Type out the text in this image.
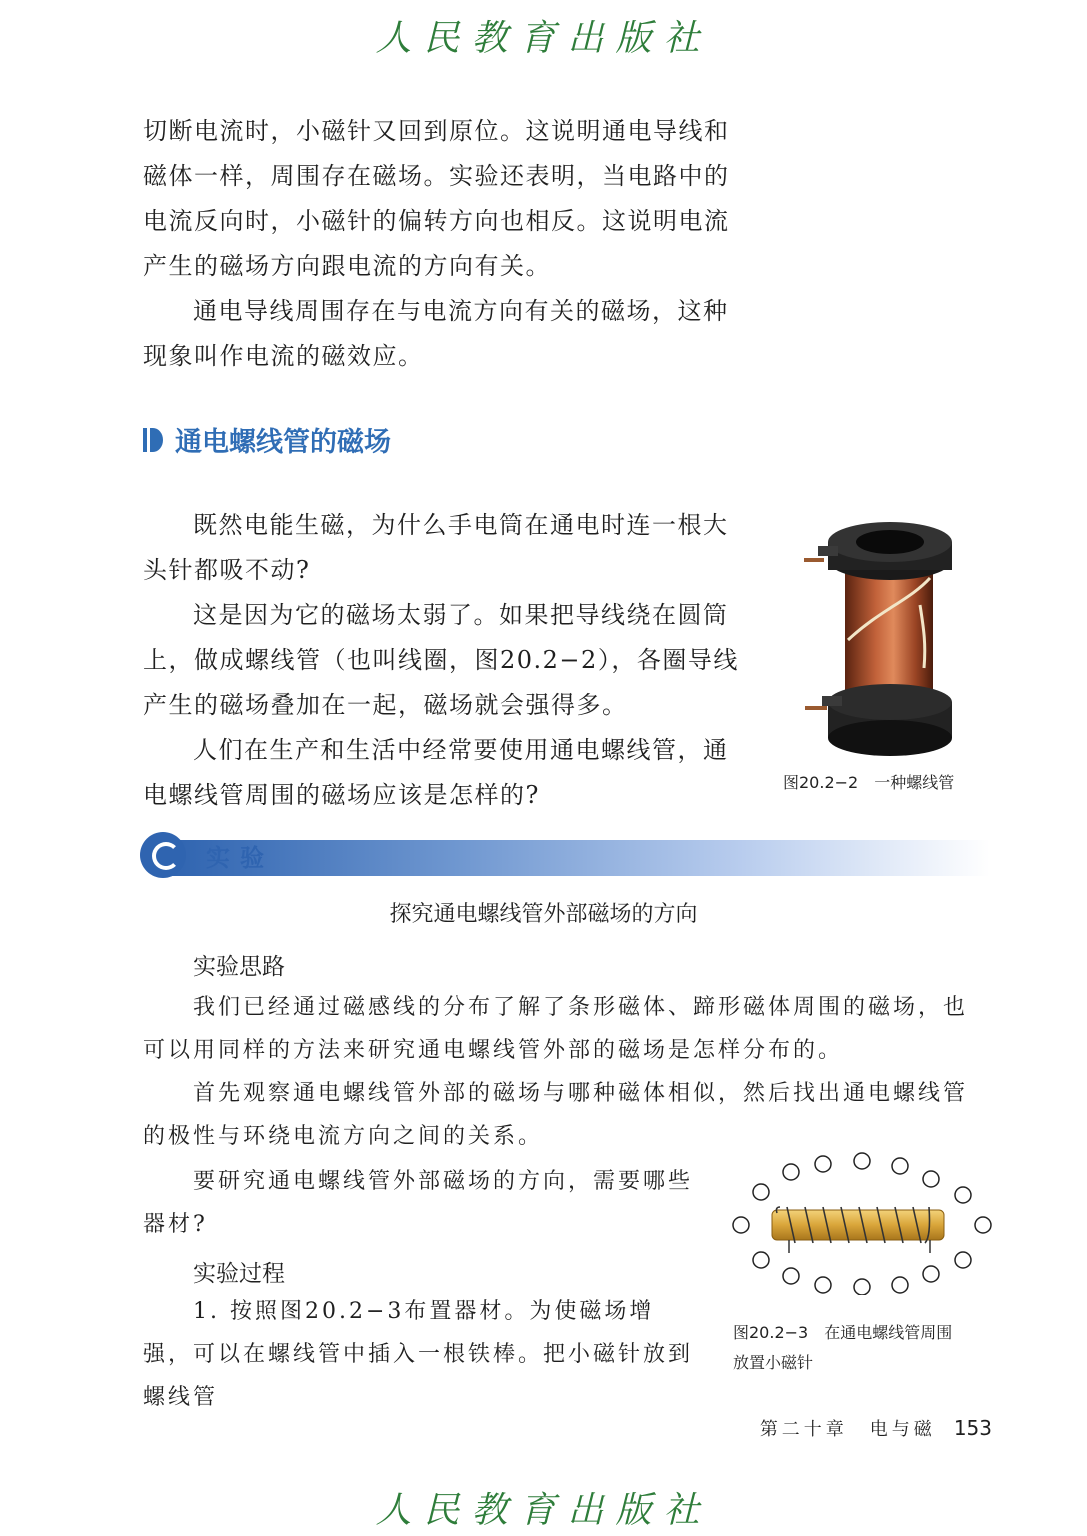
人民教育出版社

切断电流时，小磁针又回到原位。这说明通电导线和磁体一样，周围存在磁场。实验还表明，当电路中的电流反向时，小磁针的偏转方向也相反。这说明电流产生的磁场方向跟电流的方向有关。

通电导线周围存在与电流方向有关的磁场，这种现象叫作电流的磁效应。

通电螺线管的磁场

既然电能生磁，为什么手电筒在通电时连一根大头针都吸不动?

这是因为它的磁场太弱了。如果把导线绕在圆筒上，做成螺线管（也叫线圈，图20.2−2），各圈导线产生的磁场叠加在一起，磁场就会强得多。

人们在生产和生活中经常要使用通电螺线管，通电螺线管周围的磁场应该是怎样的?	图20.2−2　一种螺线管
实验
探究通电螺线管外部磁场的方向
实验思路

我们已经通过磁感线的分布了解了条形磁体、蹄形磁体周围的磁场，也可以用同样的方法来研究通电螺线管外部的磁场是怎样分布的。

首先观察通电螺线管外部的磁场与哪种磁体相似，然后找出通电螺线管的极性与环绕电流方向之间的关系。

要研究通电螺线管外部磁场的方向，需要哪些器材?

实验过程

1. 按照图20.2−3布置器材。为使磁场增强，可以在螺线管中插入一根铁棒。把小磁针放到螺线管

图20.2−3　在通电螺线管周围
放置小磁针
第二十章　电与磁 153
人民教育出版社
